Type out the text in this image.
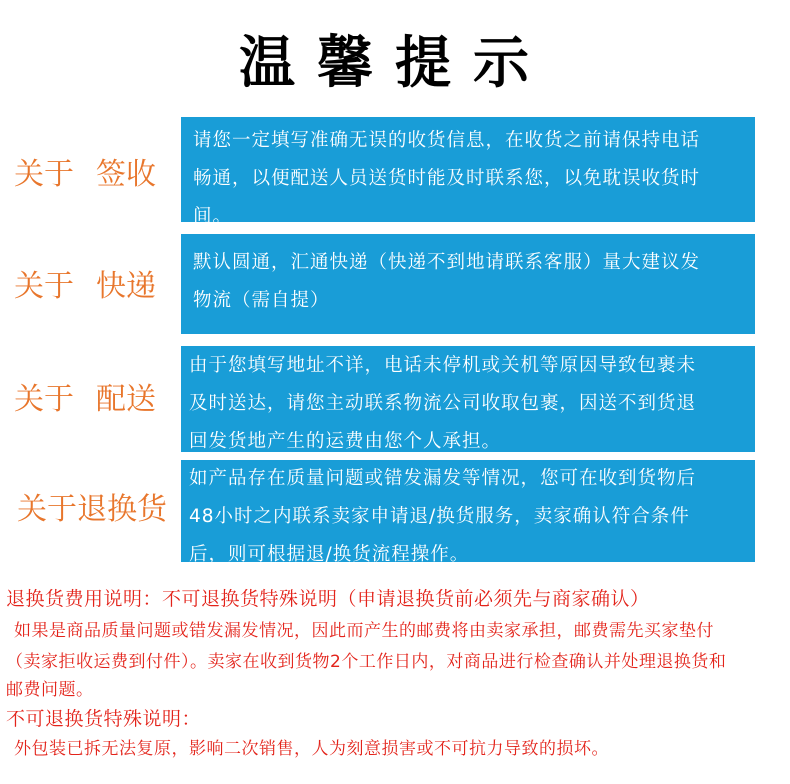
温馨提示
关于 签收
请您一定填写准确无误的收货信息，在收货之前请保持电话
畅通，以便配送人员送货时能及时联系您，以免耽误收货时
间。
关于 快递
默认圆通，汇通快递（快递不到地请联系客服）量大建议发
物流（需自提）
关于 配送
由于您填写地址不详，电话未停机或关机等原因导致包裹未
及时送达，请您主动联系物流公司收取包裹，因送不到货退
回发货地产生的运费由您个人承担。
关于退换货
如产品存在质量问题或错发漏发等情况，您可在收到货物后
48小时之内联系卖家申请退/换货服务，卖家确认符合条件
后，则可根据退/换货流程操作。
退换货费用说明：不可退换货特殊说明（申请退换货前必须先与商家确认）
如果是商品质量问题或错发漏发情况，因此而产生的邮费将由卖家承担，邮费需先买家垫付
（卖家拒收运费到付件）。卖家在收到货物2个工作日内，对商品进行检查确认并处理退换货和
邮费问题。
不可退换货特殊说明：
外包装已拆无法复原，影响二次销售，人为刻意损害或不可抗力导致的损坏。
